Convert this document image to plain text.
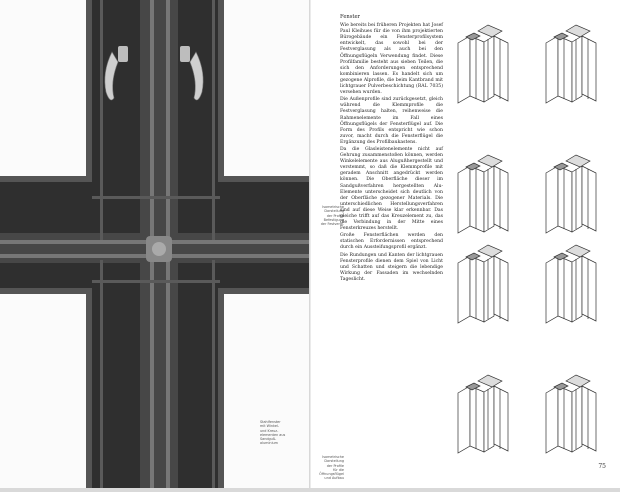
Stahlfenster
mit Winkel-
und Kreuz-
elementen aus
Sandguß-
aluminium
Isometrische
Darstellung
der Profile
Befestigung
der Festvergl.
Isometrische
Darstellung
der Profile
für die
Öffnungsflügel
und Aufbau
Fenster

Wie bereits bei früheren Projekten hat Josef Paul Kleihues für die von ihm projektierten Bürogebäude ein Fensterprofilsystem entwickelt, das sowohl bei der Festverglasung als auch bei den Öffnungsflügeln Verwendung findet. Diese Profilfamilie besteht aus sieben Teilen, die sich den Anforderungen entsprechend kombinieren lassen. Es handelt sich um gezogene Alprofile, die beim Kantbrand mit lichtgrauer Pulverbeschichtung (RAL 7035) versehen wurden.

Die Außenprofile sind zurückgesetzt, gleich während die Klemmprofile die Festverglasung halten, reihenweise die Rahmenelemente im Fall eines Öffnungsflügels der Fensterflügel auf. Die Form des Profils entspricht wie schon zuvor, macht durch die Fensterflügel die Ergänzung des Profilbaukastens.

Da die Glasleistenelemente nicht auf Gehrung zusammenstoßen können, werden Winkelelemente aus Alugußhergestellt und verstemmt, so daß die Klemmprofile mit geradem Anschnitt angedrückt werden können. Die Oberfläche dieser im Sandgußverfahren hergestellten Alu-Elemente unterscheidet sich deutlich von der Oberfläche gezogener Materials. Die unterschiedlichen Herstellungsverfahren sind auf diese Weise klar erkennbar. Das gleiche trifft auf das Kreuzelement zu, das die Verbindung in der Mitte eines Fensterkreuzes herstellt.

Große Fensterflächen werden den statischen Erfordernissen entsprechend durch ein Aussteifungsprofil ergänzt.

Die Rundungen und Kanten der lichtgrauen Fensterprofile dienen dem Spiel von Licht und Schatten und steigern die lebendige Wirkung der Fassaden im wechselnden Tageslicht.

75
